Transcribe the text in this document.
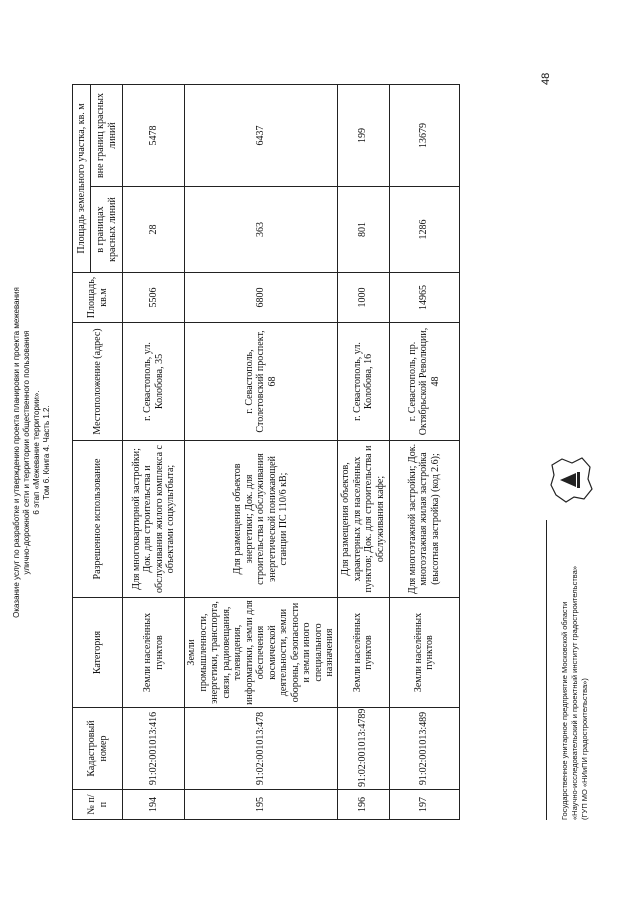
Оказание услуг по разработке и утверждению проекта планировки и проекта межевания улично-дорожной сети и территории общественного пользования 6 этап «Межевание территории». Том 6. Книга 4. Часть 1.2.
№ п/п	Кадастровый номер	Категория	Разрешенное использование	Местоположение (адрес)	Площадь, кв.м	Площадь земельного участка, кв. м	
						в границах красных линий	вне границ красных линий
194	91:02:001013:416	Земли населённых пунктов	Для многоквартирной застройки; Док. для строительства и обслуживания жилого комплекса с объектами соцкультбыта;	г. Севастополь, ул. Колобова, 35	5506	28	5478
195	91:02:001013:478	Земли промышленности, энергетики, транспорта, связи, радиовещания, телевидения, информатики, земли для обеспечения космической деятельности, земли обороны, безопасности и земли иного специального назначения	Для размещения объектов энергетики; Док. для строительства и обслуживания энергетической понижающей станции ПС 110/6 кВ;	г. Севастополь, Столетовский проспект, 68	6800	363	6437
196	91:02:001013:4789	Земли населённых пунктов	Для размещения объектов, характерных для населённых пунктов; Док. для строительства и обслуживания кафе;	г. Севастополь, ул. Колобова, 16	1000	801	199
197	91:02:001013:489	Земли населённых пунктов	Для многоэтажной застройки; Док. многоэтажная жилая застройка (высотная застройка) (код 2.6);	г. Севастополь, пр. Октябрьской Революции, 48	14965	1286	13679
48
Государственное унитарное предприятие Московской области «Научно-исследовательский и проектный институт градостроительства» (ГУП МО «НИиПИ градостроительства»)
